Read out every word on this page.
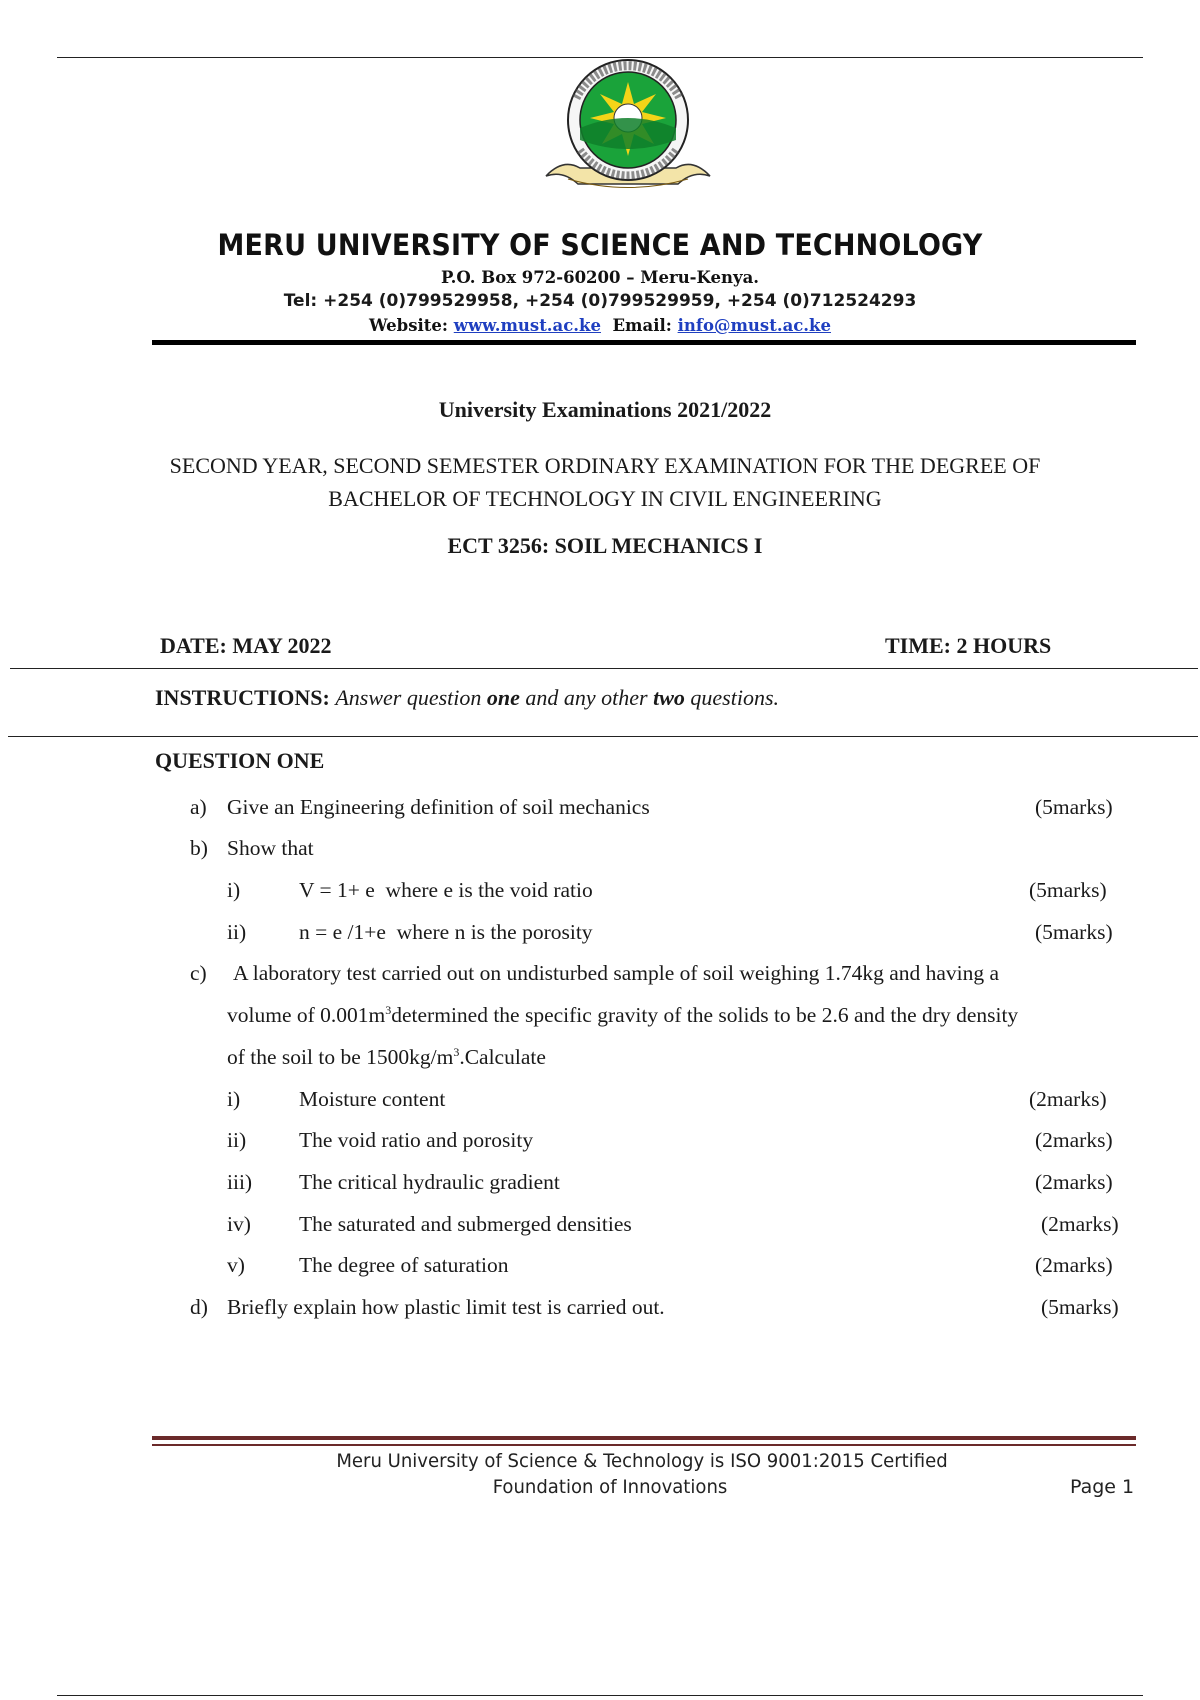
MERU UNIVERSITY OF SCIENCE AND TECHNOLOGY
P.O. Box 972-60200 – Meru-Kenya.
Tel: +254 (0)799529958, +254 (0)799529959, +254 (0)712524293
Website: www.must.ac.ke Email: info@must.ac.ke
University Examinations 2021/2022
SECOND YEAR, SECOND SEMESTER ORDINARY EXAMINATION FOR THE DEGREE OF
BACHELOR OF TECHNOLOGY IN CIVIL ENGINEERING
ECT 3256: SOIL MECHANICS I
DATE: MAY 2022	TIME: 2 HOURS
INSTRUCTIONS: Answer question one and any other two questions.
QUESTION ONE
a) Give an Engineering definition of soil mechanics	(5marks)
b) Show that
i)	V = 1+ e  where e is the void ratio	(5marks)
ii) n = e /1+e  where n is the porosity	(5marks)
c) A laboratory test carried out on undisturbed sample of soil weighing 1.74kg and having a
volume of $0.001m^3determined$ the specific gravity of the solids to be 2.6 and the dry density
of the soil to be $1500kg/m^3.Calculate$
i)	Moisture content	(2marks)
ii) The void ratio and porosity	(2marks)
iii) The critical hydraulic gradient	(2marks)
iv) The saturated and submerged densities	(2marks)
v)	The degree of saturation	(2marks)
d) Briefly explain how plastic limit test is carried out.	(5marks)
Meru University of Science & Technology is ISO 9001:2015 Certified
Foundation of Innovations	Page 1
